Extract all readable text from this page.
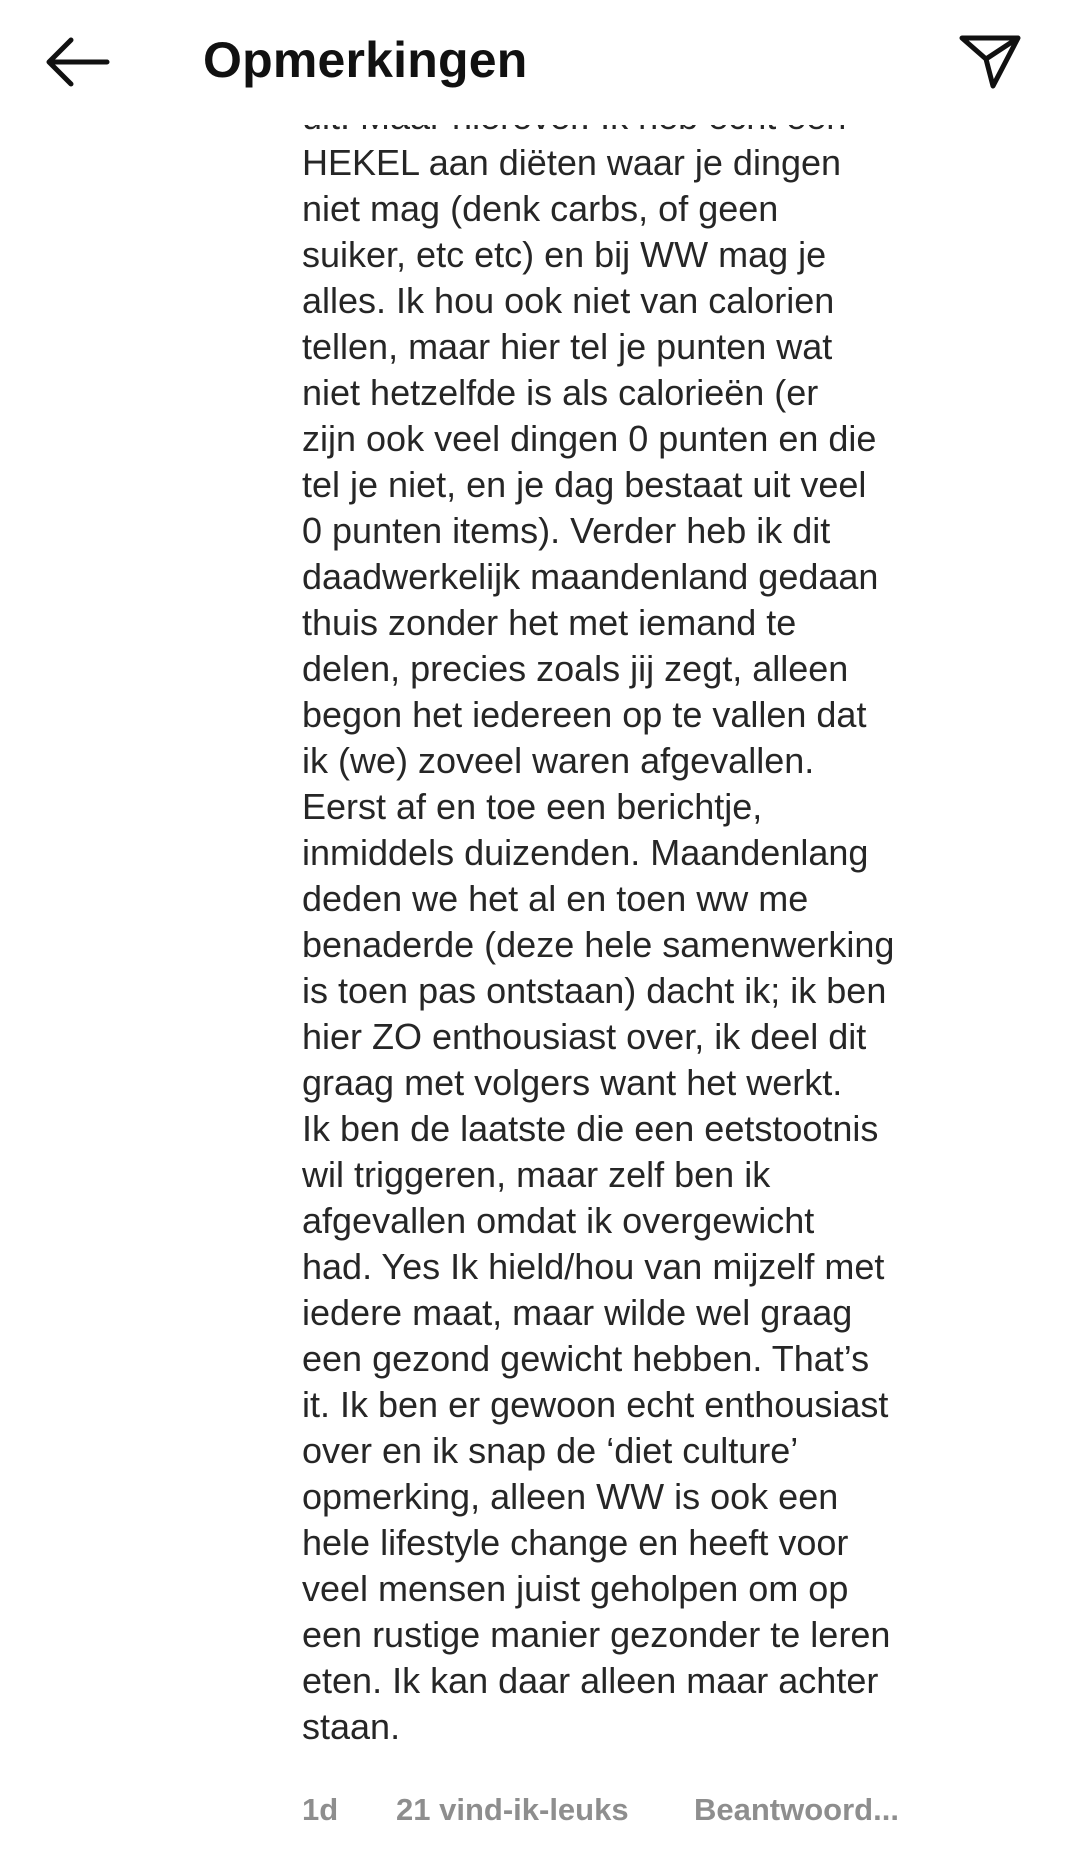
Opmerkingen
HEKEL aan diëten waar je dingen
niet mag (denk carbs, of geen
suiker, etc etc) en bij WW mag je
alles. Ik hou ook niet van calorien
tellen, maar hier tel je punten wat
niet hetzelfde is als calorieën (er
zijn ook veel dingen 0 punten en die
tel je niet, en je dag bestaat uit veel
0 punten items). Verder heb ik dit
daadwerkelijk maandenland gedaan
thuis zonder het met iemand te
delen, precies zoals jij zegt, alleen
begon het iedereen op te vallen dat
ik (we) zoveel waren afgevallen.
Eerst af en toe een berichtje,
inmiddels duizenden. Maandenlang
deden we het al en toen ww me
benaderde (deze hele samenwerking
is toen pas ontstaan) dacht ik; ik ben
hier ZO enthousiast over, ik deel dit
graag met volgers want het werkt.
Ik ben de laatste die een eetstootnis
wil triggeren, maar zelf ben ik
afgevallen omdat ik overgewicht
had. Yes Ik hield/hou van mijzelf met
iedere maat, maar wilde wel graag
een gezond gewicht hebben. That’s
it. Ik ben er gewoon echt enthousiast
over en ik snap de ‘diet culture’
opmerking, alleen WW is ook een
hele lifestyle change en heeft voor
veel mensen juist geholpen om op
een rustige manier gezonder te leren
eten. Ik kan daar alleen maar achter
staan.
1d	21 vind-ik-leuks	Beantwoord...
